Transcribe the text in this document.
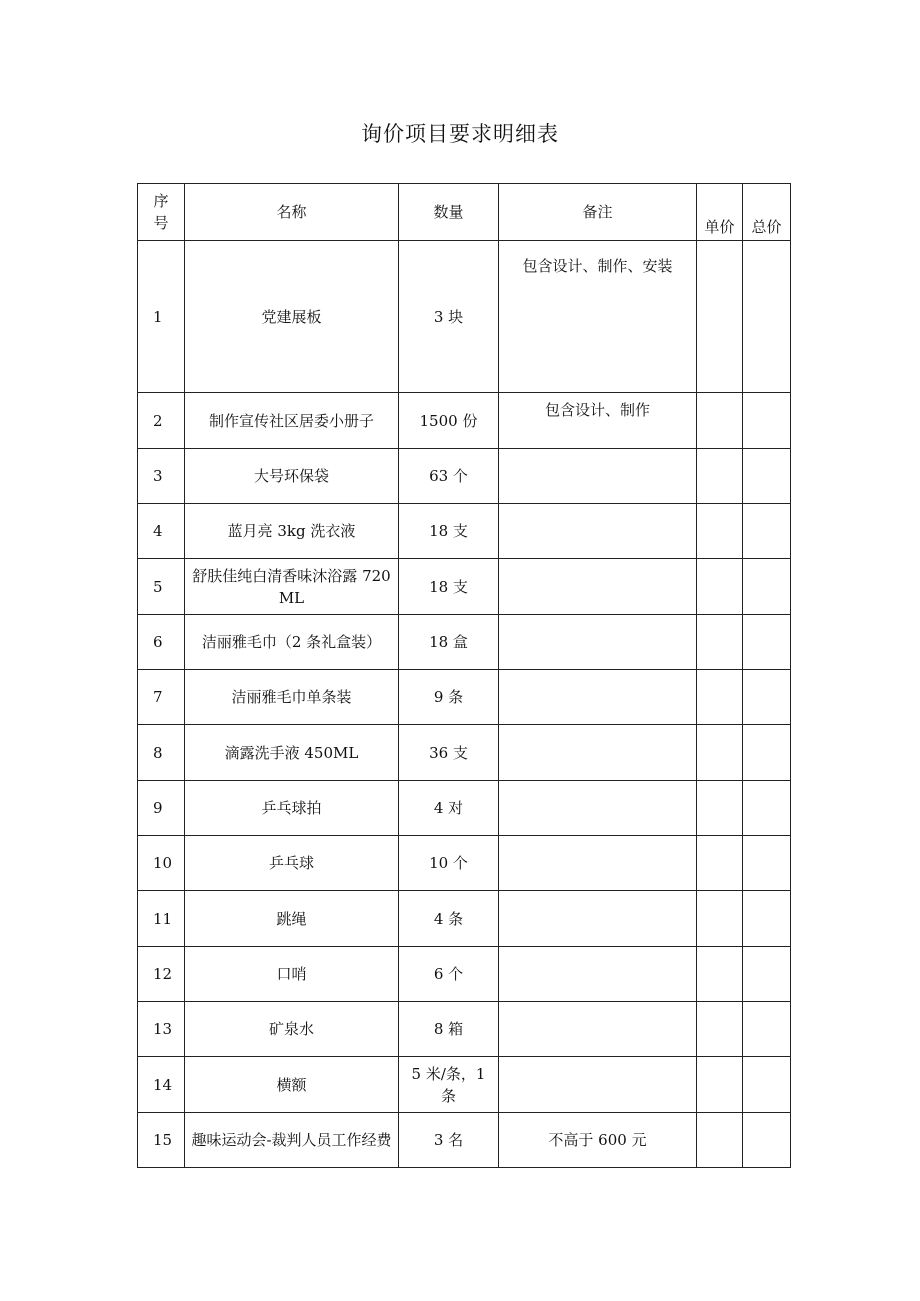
询价项目要求明细表
序号	名称	数量	备注	单价	总价
1	党建展板	3 块	包含设计、制作、安装		
2	制作宣传社区居委小册子	1500 份	包含设计、制作		
3	大号环保袋	63 个			
4	蓝月亮 3kg 洗衣液	18 支			
5	舒肤佳纯白清香味沐浴露 720ML	18 支			
6	洁丽雅毛巾（2 条礼盒装）	18 盒			
7	洁丽雅毛巾单条装	9 条			
8	滴露洗手液 450ML	36 支			
9	乒乓球拍	4 对			
10	乒乓球	10 个			
11	跳绳	4 条			
12	口哨	6 个			
13	矿泉水	8 箱			
14	横额	5 米/条，1 条			
15	趣味运动会-裁判人员工作经费	3 名	不高于 600 元		
